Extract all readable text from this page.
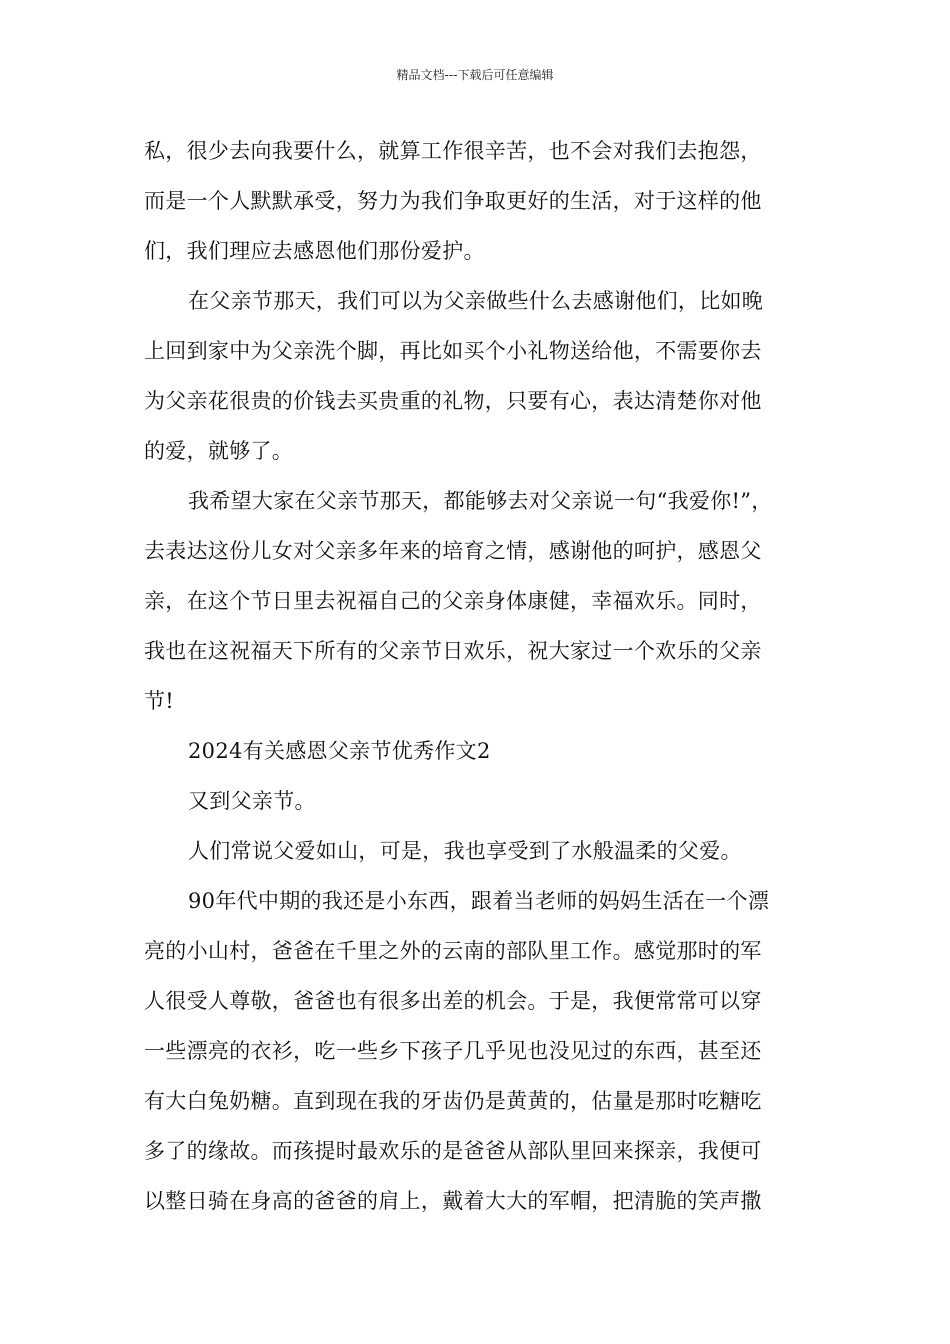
精品文档---下载后可任意编辑

私，很少去向我要什么，就算工作很辛苦，也不会对我们去抱怨，
而是一个人默默承受，努力为我们争取更好的生活，对于这样的他
们，我们理应去感恩他们那份爱护。

在父亲节那天，我们可以为父亲做些什么去感谢他们，比如晚
上回到家中为父亲洗个脚，再比如买个小礼物送给他，不需要你去
为父亲花很贵的价钱去买贵重的礼物，只要有心，表达清楚你对他
的爱，就够了。

我希望大家在父亲节那天，都能够去对父亲说一句“我爱你!”，
去表达这份儿女对父亲多年来的培育之情，感谢他的呵护，感恩父
亲，在这个节日里去祝福自己的父亲身体康健，幸福欢乐。同时，
我也在这祝福天下所有的父亲节日欢乐，祝大家过一个欢乐的父亲
节!

2024有关感恩父亲节优秀作文2

又到父亲节。

人们常说父爱如山，可是，我也享受到了水般温柔的父爱。

90年代中期的我还是小东西，跟着当老师的妈妈生活在一个漂
亮的小山村，爸爸在千里之外的云南的部队里工作。感觉那时的军
人很受人尊敬，爸爸也有很多出差的机会。于是，我便常常可以穿
一些漂亮的衣衫，吃一些乡下孩子几乎见也没见过的东西，甚至还
有大白兔奶糖。直到现在我的牙齿仍是黄黄的，估量是那时吃糖吃
多了的缘故。而孩提时最欢乐的是爸爸从部队里回来探亲，我便可
以整日骑在身高的爸爸的肩上，戴着大大的军帽，把清脆的笑声撒
